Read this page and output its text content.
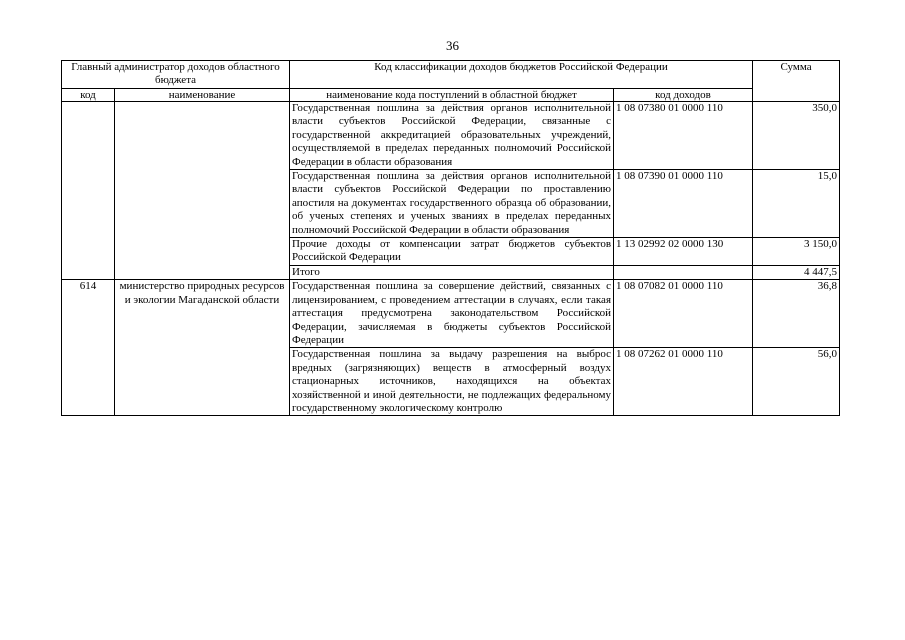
36
Главный администратор доходов областного бюджета		Код классификации доходов бюджетов Российской Федерации		Сумма
код	наименование	наименование кода поступлений в областной бюджет	код доходов	
		Государственная пошлина за действия органов исполнительной власти субъектов Российской Федерации, связанные с государственной аккредитацией образовательных учреждений, осуществляемой в пределах переданных полномочий Российской Федерации в области образования	1 08 07380 01 0000 110	350,0
		Государственная пошлина за действия органов исполнительной власти субъектов Российской Федерации по проставлению апостиля на документах государственного образца об образовании, об ученых степенях и ученых званиях в пределах переданных полномочий Российской Федерации в области образования	1 08 07390 01 0000 110	15,0
		Прочие доходы от компенсации затрат бюджетов субъектов Российской Федерации	1 13 02992 02 0000 130	3 150,0
		Итого		4 447,5
614	министерство природных ресурсов и экологии Магаданской области	Государственная пошлина за совершение действий, связанных с лицензированием, с проведением аттестации в случаях, если такая аттестация предусмотрена законодательством Российской Федерации, зачисляемая в бюджеты субъектов Российской Федерации	1 08 07082 01 0000 110	36,8
		Государственная пошлина за выдачу разрешения на выброс вредных (загрязняющих) веществ в атмосферный воздух стационарных источников, находящихся на объектах хозяйственной и иной деятельности, не подлежащих федеральному государственному экологическому контролю	1 08 07262 01 0000 110	56,0
